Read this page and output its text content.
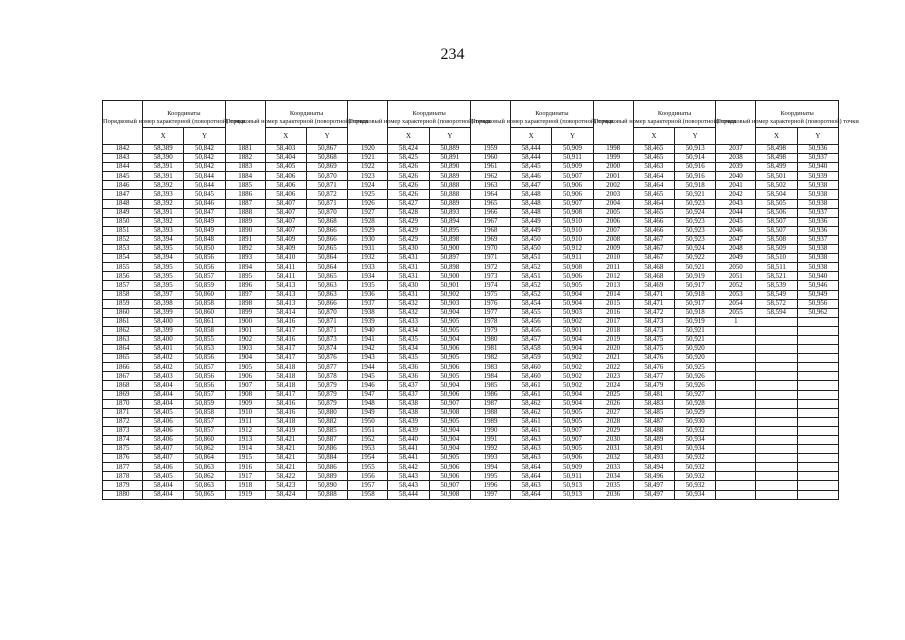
234
Порядковый номер характерной (поворотной) точки	Координаты		Порядковый номер характерной (поворотной) точки	Координаты		Порядковый номер характерной (поворотной) точки	Координаты		Порядковый номер характерной (поворотной) точки	Координаты		Порядковый номер характерной (поворотной) точки	Координаты		Порядковый номер характерной (поворотной) точки	Координаты	
	X	Y		X	Y		X	Y		X	Y		X	Y		X	Y
1842	58,389	50,842	1881	58,403	50,867	1920	58,424	50,889	1959	58,444	50,909	1998	58,465	50,913	2037	58,498	50,936
1843	58,390	50,842	1882	58,404	50,868	1921	58,425	50,891	1960	58,444	50,911	1999	58,465	50,914	2038	58,498	50,937
1844	58,391	50,842	1883	58,405	50,869	1922	58,426	50,890	1961	58,445	50,909	2000	58,463	50,916	2039	58,499	50,940
1845	58,391	50,844	1884	58,406	50,870	1923	58,426	50,889	1962	58,446	50,907	2001	58,464	50,916	2040	58,501	50,939
1846	58,392	50,844	1885	58,406	50,871	1924	58,426	50,888	1963	58,447	50,906	2002	58,464	50,918	2041	58,502	50,938
1847	58,393	50,845	1886	58,406	50,872	1925	58,426	50,888	1964	58,448	50,906	2003	58,465	50,921	2042	58,504	50,938
1848	58,392	50,846	1887	58,407	50,871	1926	58,427	50,889	1965	58,448	50,907	2004	58,464	50,923	2043	58,505	50,938
1849	58,391	50,847	1888	58,407	50,870	1927	58,428	50,893	1966	58,448	50,908	2005	58,465	50,924	2044	58,506	50,937
1850	58,392	50,849	1889	58,407	50,868	1928	58,429	50,894	1967	58,449	50,910	2006	58,466	50,923	2045	58,507	50,936
1851	58,393	50,849	1890	58,407	50,866	1929	58,429	50,895	1968	58,449	50,910	2007	58,466	50,923	2046	58,507	50,936
1852	58,394	50,848	1891	58,409	50,866	1930	58,429	50,898	1969	58,450	50,910	2008	58,467	50,923	2047	58,508	50,937
1853	58,395	50,850	1892	58,409	50,865	1931	58,430	50,900	1970	58,450	50,912	2009	58,467	50,924	2048	58,509	50,938
1854	58,394	50,856	1893	58,410	50,864	1932	58,431	50,897	1971	58,451	50,911	2010	58,467	50,922	2049	58,510	50,938
1855	58,395	50,856	1894	58,411	50,864	1933	58,431	50,898	1972	58,452	50,908	2011	58,468	50,921	2050	58,511	50,938
1856	58,395	50,857	1895	58,411	50,865	1934	58,431	50,900	1973	58,451	50,906	2012	58,468	50,919	2051	58,521	50,940
1857	58,395	50,859	1896	58,413	50,863	1935	58,430	50,901	1974	58,452	50,905	2013	58,469	50,917	2052	58,539	50,946
1858	58,397	50,860	1897	58,413	50,863	1936	58,431	50,902	1975	58,452	50,904	2014	58,471	50,918	2053	58,549	50,949
1859	58,398	50,858	1898	58,413	50,866	1937	58,432	50,903	1976	58,454	50,904	2015	58,471	50,917	2054	58,572	50,956
1860	58,399	50,860	1899	58,414	50,870	1938	58,432	50,904	1977	58,455	50,903	2016	58,472	50,918	2055	58,594	50,962
1861	58,400	50,861	1900	58,416	50,871	1939	58,433	50,905	1978	58,456	50,902	2017	58,473	50,919	1		
1862	58,399	50,858	1901	58,417	50,871	1940	58,434	50,905	1979	58,456	50,901	2018	58,473	50,921			
1863	58,400	50,855	1902	58,416	50,873	1941	58,435	50,904	1980	58,457	50,904	2019	58,475	50,921			
1864	58,401	50,853	1903	58,417	50,874	1942	58,434	50,906	1981	58,458	50,904	2020	58,475	50,920			
1865	58,402	50,856	1904	58,417	50,876	1943	58,435	50,905	1982	58,459	50,902	2021	58,476	50,920			
1866	58,402	50,857	1905	58,418	50,877	1944	58,436	50,906	1983	58,460	50,902	2022	58,476	50,925			
1867	58,403	50,856	1906	58,418	50,878	1945	58,436	50,905	1984	58,460	50,902	2023	58,477	50,926			
1868	58,404	50,856	1907	58,418	50,879	1946	58,437	50,904	1985	58,461	50,902	2024	58,479	50,926			
1869	58,404	50,857	1908	58,417	50,879	1947	58,437	50,906	1986	58,461	50,904	2025	58,481	50,927			
1870	58,404	50,859	1909	58,416	50,879	1948	58,438	50,907	1987	58,462	50,904	2026	58,483	50,928			
1871	58,405	50,858	1910	58,416	50,880	1949	58,438	50,908	1988	58,462	50,905	2027	58,485	50,929			
1872	58,406	50,857	1911	58,418	50,882	1950	58,439	50,905	1989	58,461	50,905	2028	58,487	50,930			
1873	58,406	50,857	1912	58,419	50,885	1951	58,439	50,904	1990	58,461	50,907	2029	58,488	50,932			
1874	58,406	50,860	1913	58,421	50,887	1952	58,440	50,904	1991	58,463	50,907	2030	58,489	50,934			
1875	58,407	50,862	1914	58,421	50,886	1953	58,441	50,904	1992	58,463	50,905	2031	58,491	50,934			
1876	58,407	50,864	1915	58,421	50,884	1954	58,441	50,905	1993	58,463	50,906	2032	58,493	50,932			
1877	58,406	50,863	1916	58,421	50,886	1955	58,442	50,906	1994	58,464	50,909	2033	58,494	50,932			
1878	58,405	50,862	1917	58,422	50,889	1956	58,443	50,906	1995	58,464	50,911	2034	58,496	50,932			
1879	58,404	50,863	1918	58,423	50,890	1957	58,443	50,907	1996	58,463	50,913	2035	58,497	50,932			
1880	58,404	50,865	1919	58,424	50,888	1958	58,444	50,908	1997	58,464	50,913	2036	58,497	50,934			
